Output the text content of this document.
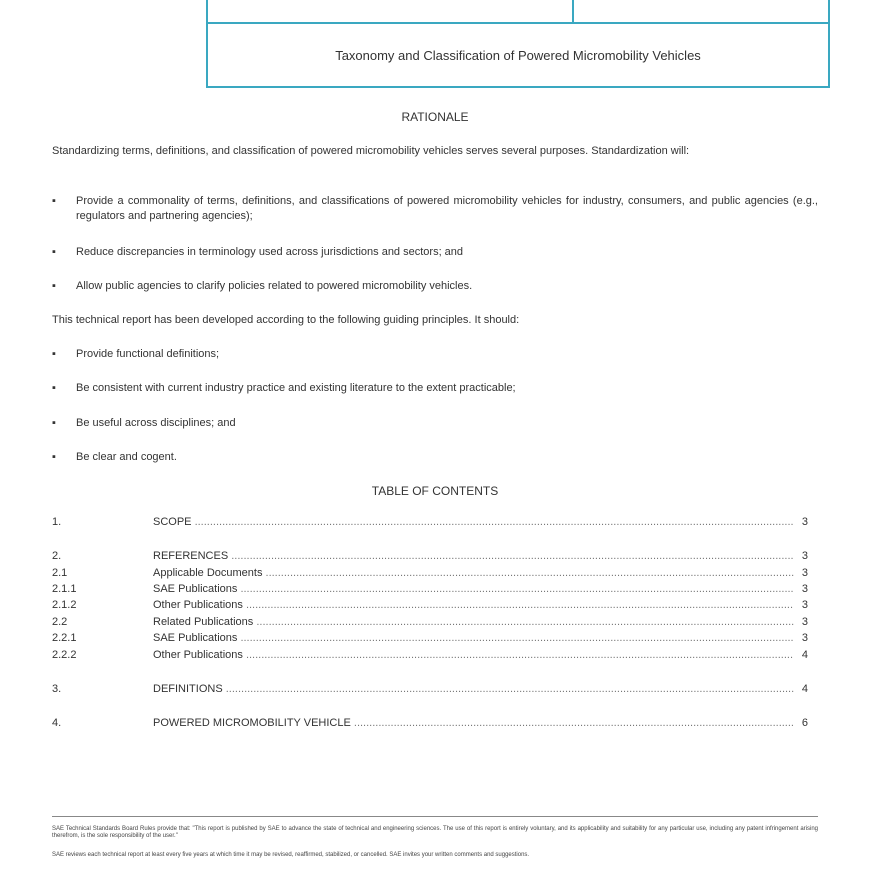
Taxonomy and Classification of Powered Micromobility Vehicles
RATIONALE
Standardizing terms, definitions, and classification of powered micromobility vehicles serves several purposes. Standardization will:
▪ Provide a commonality of terms, definitions, and classifications of powered micromobility vehicles for industry, consumers, and public agencies (e.g., regulators and partnering agencies);
▪ Reduce discrepancies in terminology used across jurisdictions and sectors; and
▪ Allow public agencies to clarify policies related to powered micromobility vehicles.
This technical report has been developed according to the following guiding principles. It should:
▪ Provide functional definitions;
▪ Be consistent with current industry practice and existing literature to the extent practicable;
▪ Be useful across disciplines; and
▪ Be clear and cogent.
TABLE OF CONTENTS
1.	SCOPE .....	3
2.	REFERENCES .....	3
2.1	Applicable Documents .....	3
2.1.1	SAE Publications .....	3
2.1.2	Other Publications .....	3
2.2	Related Publications .....	3
2.2.1	SAE Publications .....	3
2.2.2	Other Publications .....	4
3.	DEFINITIONS .....	4
4.	POWERED MICROMOBILITY VEHICLE .....	6
SAE Technical Standards Board Rules provide that: "This report is published by SAE to advance the state of technical and engineering sciences. The use of this report is entirely voluntary, and its applicability and suitability for any particular use, including any patent infringement arising therefrom, is the sole responsibility of the user."
SAE reviews each technical report at least every five years at which time it may be revised, reaffirmed, stabilized, or cancelled. SAE invites your written comments and suggestions.
